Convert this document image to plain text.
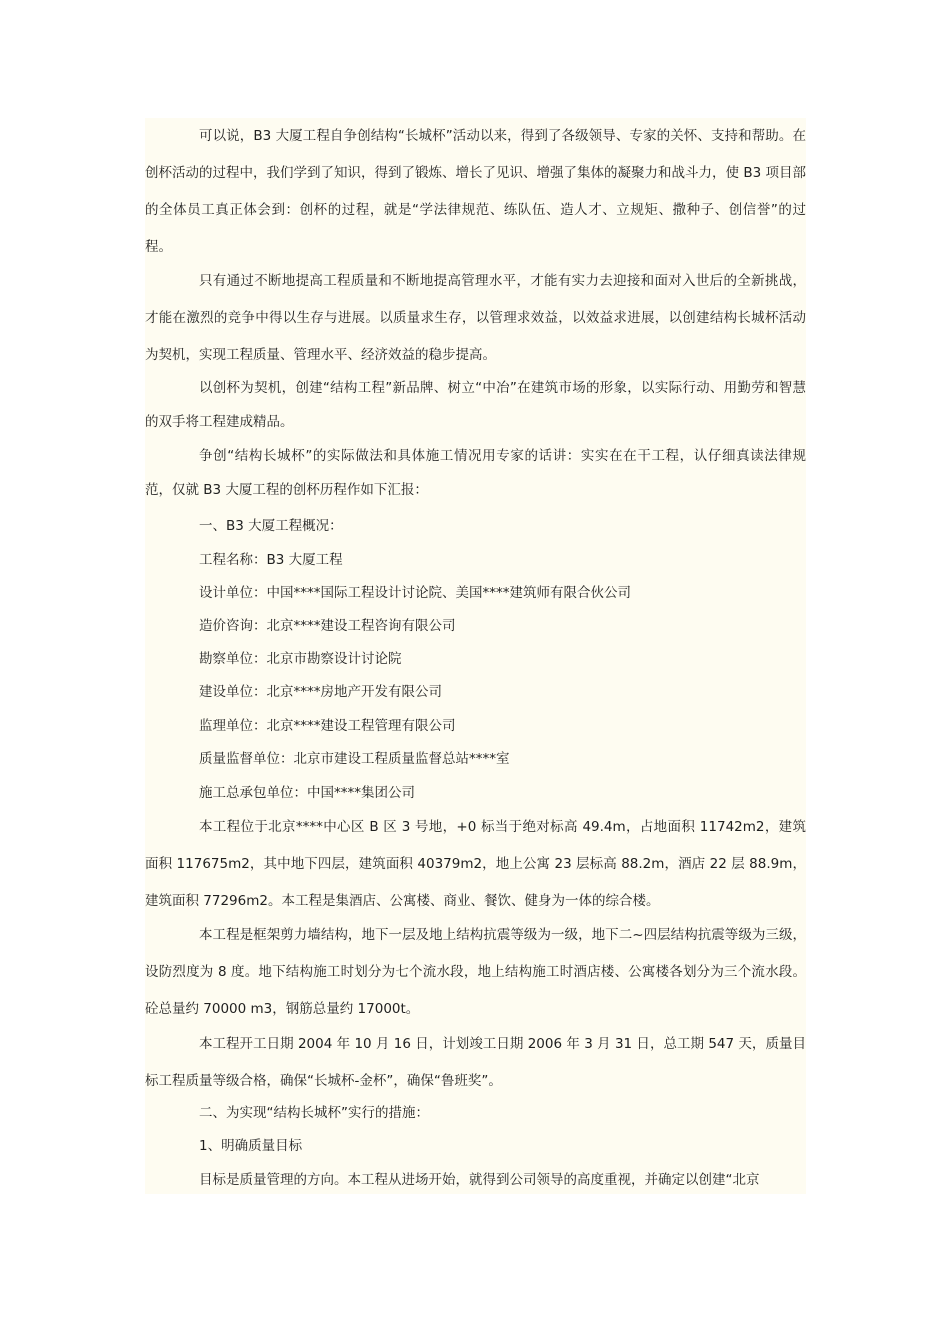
可以说，B3 大厦工程自争创结构“长城杯”活动以来，得到了各级领导、专家的关怀、支持和帮助。在创杯活动的过程中，我们学到了知识，得到了锻炼、增长了见识、增强了集体的凝聚力和战斗力，使 B3 项目部的全体员工真正体会到：创杯的过程，就是“学法律规范、练队伍、造人才、立规矩、撒种子、创信誉”的过程。

只有通过不断地提高工程质量和不断地提高管理水平，才能有实力去迎接和面对入世后的全新挑战，才能在激烈的竞争中得以生存与进展。以质量求生存，以管理求效益，以效益求进展，以创建结构长城杯活动为契机，实现工程质量、管理水平、经济效益的稳步提高。

以创杯为契机，创建“结构工程”新品牌、树立“中冶”在建筑市场的形象，以实际行动、用勤劳和智慧的双手将工程建成精品。

争创“结构长城杯”的实际做法和具体施工情况用专家的话讲：实实在在干工程，认仔细真读法律规范，仅就 B3 大厦工程的创杯历程作如下汇报：

一、B3 大厦工程概况：

工程名称：B3 大厦工程

设计单位：中国****国际工程设计讨论院、美国****建筑师有限合伙公司

造价咨询：北京****建设工程咨询有限公司

勘察单位：北京市勘察设计讨论院

建设单位：北京****房地产开发有限公司

监理单位：北京****建设工程管理有限公司

质量监督单位：北京市建设工程质量监督总站****室

施工总承包单位：中国****集团公司

本工程位于北京****中心区 B 区 3 号地，+0 标当于绝对标高 49.4m，占地面积 11742m2，建筑面积 117675m2，其中地下四层，建筑面积 40379m2，地上公寓 23 层标高 88.2m，酒店 22 层 88.9m，建筑面积 77296m2。本工程是集酒店、公寓楼、商业、餐饮、健身为一体的综合楼。

本工程是框架剪力墙结构，地下一层及地上结构抗震等级为一级，地下二~四层结构抗震等级为三级，设防烈度为 8 度。地下结构施工时划分为七个流水段，地上结构施工时酒店楼、公寓楼各划分为三个流水段。砼总量约 70000 m3，钢筋总量约 17000t。

本工程开工日期 2004 年 10 月 16 日，计划竣工日期 2006 年 3 月 31 日，总工期 547 天，质量目标工程质量等级合格，确保“长城杯-金杯”，确保“鲁班奖”。

二、为实现“结构长城杯”实行的措施：

1、明确质量目标

目标是质量管理的方向。本工程从进场开始，就得到公司领导的高度重视，并确定以创建“北京
